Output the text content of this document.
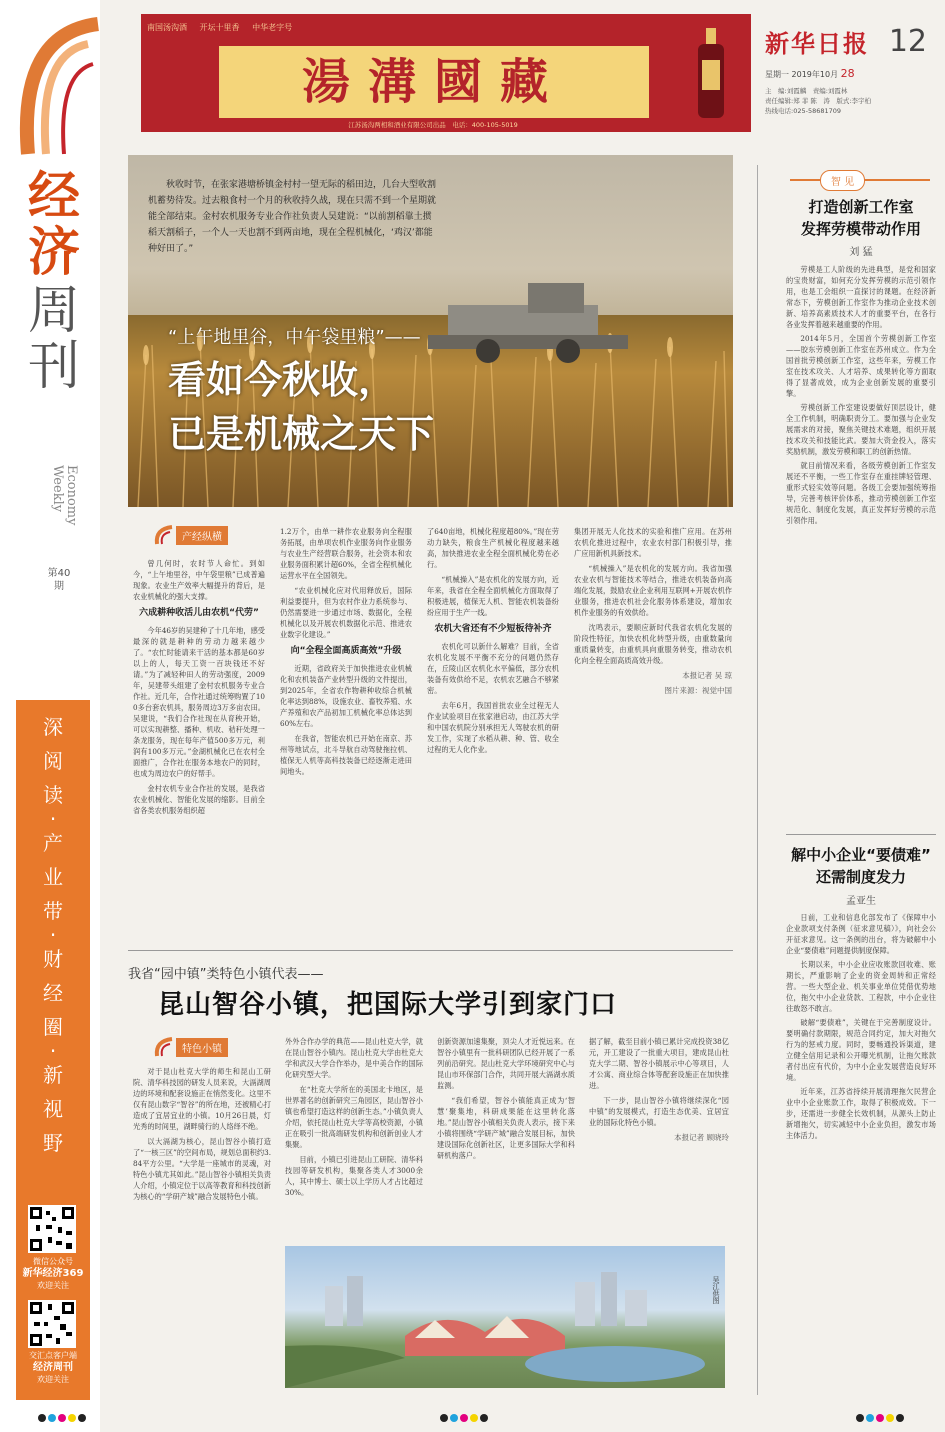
经
济
周
刊
Economy Weekly
第40期
深
阅
读
·
产
业
带
·
财
经
圈
·
新
视
野
微信公众号
新华经济369
欢迎关注
交汇点客户端
经济周刊
欢迎关注
南国汤沟酒 开坛十里香 中华老字号
湯溝國藏
江苏汤沟两相和酒业有限公司出品　电话：400-105-5019
新华日报 12
星期一 2019年10月 28
主　编:刘霞麟　责编:刘霞林
责任编辑:郑 菲 陈　涛　版式:李宇柏
热线电话:025-58681709
秋收时节，在张家港塘桥镇金村村一望无际的稻田边，几台大型收割机蓄势待发。过去粮食村一个月的秋收持久战，现在只需不到一个星期就能全部结束。金村农机服务专业合作社负责人吴建说：“以前割稻靠土掼稻天割稻子，一个人一天也割不到两亩地，现在全程机械化，‘鸡汉’都能种好田了。”
“上午地里谷，中午袋里粮”——
看如今秋收，
已是机械之天下
产经纵横

曾几何时，农时节人命忙。到如今，“上午地里谷，中午袋里粮”已成普遍现象。农业生产效率大幅提升的背后，是农业机械化的强大支撑。

六成耕种收活儿由农机“代劳”

今年46岁的吴建种了十几年地，感受最深的就是耕种的劳动力越来越少了。“农忙时能请来干活的基本都是60岁以上的人，每天工资一百块钱还不好请。”为了减轻种田人的劳动强度，2009年，吴建带头组建了金村农机服务专业合作社。近几年，合作社通过统筹购置了100多台套农机具，服务周边3万多亩农田。吴建说，“我们合作社现在从育秧开始，可以实现耕整、播种、机收、秸秆处理一条龙服务，现在每年产值500多万元，利润有100多万元。”金湖机械化已在农村全面推广，合作社在服务本地农户的同时，也成为周边农户的好帮手。

金村农机专业合作社的发展，是我省农业机械化、智能化发展的缩影。目前全省各类农机服务组织超

1.2万个，由单一耕作农业服务向全程服务拓展，由单项农机作业服务向作业服务与农业生产经营联合服务，社会资本和农业服务面积累计超60%，全省全程机械化运营水平在全国领先。

“农业机械化应对代用释放后，国际利益要提升，但为农村作业力系统参与、仍然需要进一步通过市场、数据化，全程机械化以及开展农机数据化示范、推进农业数字化建设。”

向“全程全面高质高效”升级

近期，省政府关于加快推进农业机械化和农机装备产业转型升级的文件提出，到2025年，全省农作物耕种收综合机械化率达到88%，设施农业、畜牧养殖、水产养殖和农产品初加工机械化率总体达到60%左右。

在我省，智能农机已开始在南京、苏州等地试点，北斗导航自动驾驶拖拉机、植保无人机等高科技装备已经逐渐走进田间地头。

了640亩地，机械化程度超80%。”现在劳动力缺失，粮食生产机械化程度越来越高，加快推进农业全程全面机械化势在必行。

“机械操入”是农机化的发展方向，近年来，我省在全程全面机械化方面取得了积极进展，植保无人机、智能农机装备纷纷应用于生产一线。

农机大省还有不少短板待补齐

农机化可以新什么解难？目前，全省农机化发展不平衡不充分的问题仍然存在，丘陵山区农机化水平偏低，部分农机装备有效供给不足，农机农艺融合不够紧密。

去年6月，我国首批农业全过程无人作业试验项目在张家港启动，由江苏大学和中国农机院分别承担无人驾驶农机的研发工作，实现了水稻从耕、种、管、收全过程的无人化作业。

集团开展无人化技术的实验和推广应用。在苏州农机化推进过程中，农业农村部门积极引导，推广应用新机具新技术。

“机械操入”是农机化的发展方向。我省加强农业农机与智能技术等结合，推进农机装备向高端化发展，鼓励农业企业利用互联网+开展农机作业服务，推进农机社会化服务体系建设，增加农机作业服务的有效供给。

沈鸣表示，要顺应新时代我省农机化发展的阶段性特征，加快农机化转型升级，由重数量向重质量转变，由重机具向重服务转变，推动农机化向全程全面高质高效升级。

本报记者 吴 琼
图片来源：视觉中国
我省“园中镇”类特色小镇代表——
昆山智谷小镇，把国际大学引到家门口
特色小镇

对于昆山杜克大学的师生和昆山工研院、清华科技园的研发人员来说，大滆湖周边的环境和配套设施正在悄然变化。这里不仅有昆山数字“智谷”的所在地，还被精心打造成了宜居宜业的小镇。10月26日晨，灯光秀的时间里，湖畔骑行的人络绎不绝。

以大滆湖为核心，昆山智谷小镇打造了“一核三区”的空间布局，规划总面积约3.84平方公里。“大学是一座城市的灵魂，对特色小镇尤其如此。”昆山智谷小镇相关负责人介绍，小镇定位于以高等教育和科技创新为核心的“学研产城”融合发展特色小镇。

外外合作办学的典范——昆山杜克大学，就在昆山智谷小镇内。昆山杜克大学由杜克大学和武汉大学合作举办，是中美合作的国际化研究型大学。

在“杜克大学所在的美国北卡地区，是世界著名的创新研究三角园区，昆山智谷小镇也希望打造这样的创新生态。”小镇负责人介绍，依托昆山杜克大学等高校资源，小镇正在吸引一批高端研发机构和创新创业人才集聚。

目前，小镇已引进昆山工研院、清华科技园等研发机构，集聚各类人才3000余人，其中博士、硕士以上学历人才占比超过30%。

创新资源加速集聚，顶尖人才近悦远来。在智谷小镇里有一批科研团队已经开展了一系列前沿研究。昆山杜克大学环境研究中心与昆山市环保部门合作，共同开展大滆湖水质监测。

“我们希望，智谷小镇能真正成为‘智慧’聚集地，科研成果能在这里转化落地。”昆山智谷小镇相关负责人表示，接下来小镇将围绕“学研产城”融合发展目标，加快建设国际化创新社区，让更多国际大学和科研机构落户。

据了解，截至目前小镇已累计完成投资38亿元，开工建设了一批重大项目，建成昆山杜克大学二期、智谷小镇展示中心等项目，人才公寓、商业综合体等配套设施正在加快推进。

下一步，昆山智谷小镇将继续深化“园中镇”的发展模式，打造生态优美、宜居宜业的国际化特色小镇。

本报记者 顾晓玲
吴江供图
智 见
打造创新工作室
发挥劳模带动作用
刘 猛

劳模是工人阶级的先进典型，是党和国家的宝贵财富，如何充分发挥劳模的示范引领作用，也是工会组织一直探讨的课题。在经济新常态下，劳模创新工作室作为推动企业技术创新、培养高素质技术人才的重要平台，在各行各业发挥着越来越重要的作用。

2014年5月，全国首个劳模创新工作室——胶东劳模创新工作室在苏州成立。作为全国首批劳模创新工作室，这些年来，劳模工作室在技术攻关、人才培养、成果转化等方面取得了显著成效，成为企业创新发展的重要引擎。

劳模创新工作室建设要做好顶层设计，健全工作机制，明确职责分工。要加强与企业发展需求的对接，聚焦关键技术难题，组织开展技术攻关和技能比武。要加大资金投入，落实奖励机制，激发劳模和职工的创新热情。

就目前情况来看，各级劳模创新工作室发展还不平衡，一些工作室存在重挂牌轻管理、重形式轻实效等问题。各级工会要加强统筹指导，完善考核评价体系，推动劳模创新工作室规范化、制度化发展，真正发挥好劳模的示范引领作用。

解中小企业“要债难”
还需制度发力
孟亚生

日前，工业和信息化部发布了《保障中小企业款项支付条例（征求意见稿）》，向社会公开征求意见。这一条例的出台，将为破解中小企业“要债难”问题提供制度保障。

长期以来，中小企业应收账款回收难、账期长，严重影响了企业的资金周转和正常经营。一些大型企业、机关事业单位凭借优势地位，拖欠中小企业货款、工程款，中小企业往往敢怒不敢言。

破解“要债难”，关键在于完善制度设计。要明确付款期限，规范合同约定，加大对拖欠行为的惩戒力度。同时，要畅通投诉渠道，建立健全信用记录和公开曝光机制，让拖欠账款者付出应有代价，为中小企业发展营造良好环境。

近年来，江苏省持续开展清理拖欠民营企业中小企业账款工作，取得了积极成效。下一步，还需进一步健全长效机制，从源头上防止新增拖欠，切实减轻中小企业负担，激发市场主体活力。
